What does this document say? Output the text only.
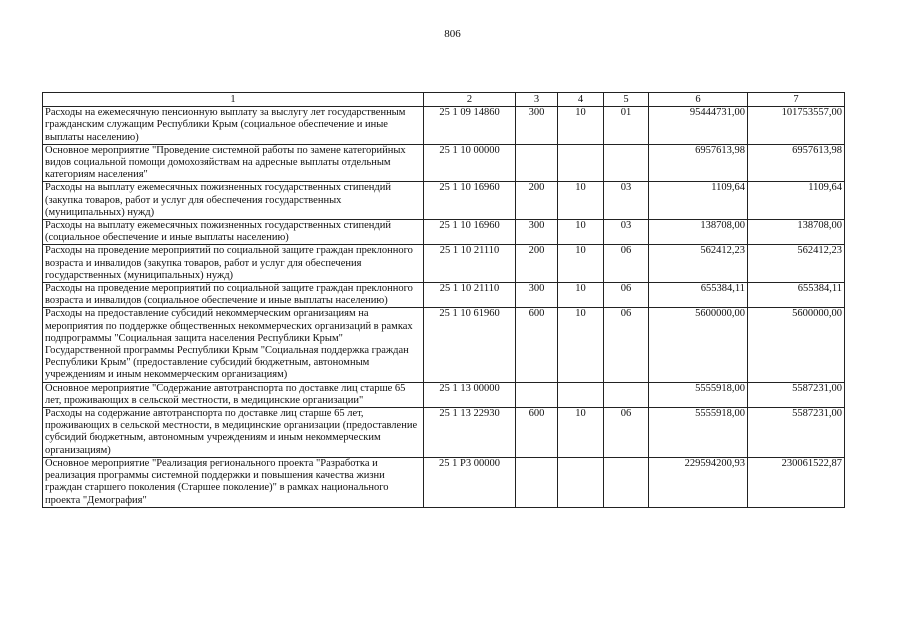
806
1	2	3	4	5	6	7
Расходы на ежемесячную пенсионную выплату за выслугу лет государственным гражданским служащим Республики Крым (социальное обеспечение и иные выплаты населению)	25 1 09 14860	300	10	01	95444731,00	101753557,00
Основное мероприятие "Проведение системной работы по замене категорийных видов социальной помощи домохозяйствам на адресные выплаты отдельным категориям населения"	25 1 10 00000				6957613,98	6957613,98
Расходы на выплату ежемесячных пожизненных государственных стипендий (закупка товаров, работ и услуг для обеспечения государственных (муниципальных) нужд)	25 1 10 16960	200	10	03	1109,64	1109,64
Расходы на выплату ежемесячных пожизненных государственных стипендий (социальное обеспечение и иные выплаты населению)	25 1 10 16960	300	10	03	138708,00	138708,00
Расходы на проведение мероприятий по социальной защите граждан преклонного возраста и инвалидов (закупка товаров, работ и услуг для обеспечения государственных (муниципальных) нужд)	25 1 10 21110	200	10	06	562412,23	562412,23
Расходы на проведение мероприятий по социальной защите граждан преклонного возраста и инвалидов (социальное обеспечение и иные выплаты населению)	25 1 10 21110	300	10	06	655384,11	655384,11
Расходы на предоставление субсидий некоммерческим организациям на мероприятия по поддержке общественных некоммерческих организаций в рамках подпрограммы "Социальная защита населения Республики Крым" Государственной программы Республики Крым "Социальная поддержка граждан Республики Крым" (предоставление субсидий бюджетным, автономным учреждениям и иным некоммерческим организациям)	25 1 10 61960	600	10	06	5600000,00	5600000,00
Основное мероприятие "Содержание автотранспорта по доставке лиц старше 65 лет, проживающих в сельской местности, в медицинские организации"	25 1 13 00000				5555918,00	5587231,00
Расходы на содержание автотранспорта по доставке лиц старше 65 лет, проживающих в сельской местности, в медицинские организации (предоставление субсидий бюджетным, автономным учреждениям и иным некоммерческим организациям)	25 1 13 22930	600	10	06	5555918,00	5587231,00
Основное мероприятие "Реализация регионального проекта "Разработка и реализация программы системной поддержки и повышения качества жизни граждан старшего поколения (Старшее поколение)" в рамках национального проекта "Демография"	25 1 P3 00000				229594200,93	230061522,87
